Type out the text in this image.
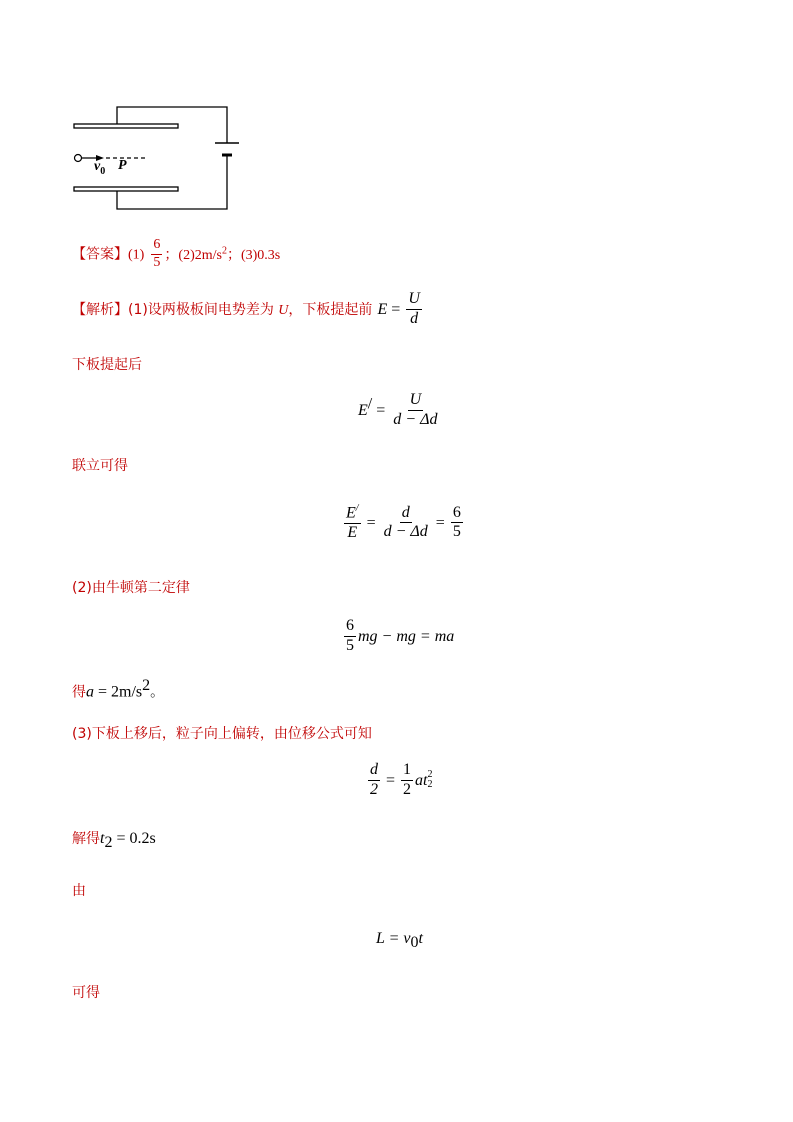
$v_0$ P
【答案】$(1) \frac{6}{5}$ ；$(2)2m/s^2$；(3)0.3s
【解析】(1)设两极板间电势差为 U，下板提起前 $E = \frac{U}{d}$
下板提起后
$E^/ = \frac{U}{d - \Delta d}$
联立可得
$\frac{E^/}{E} = \frac{d}{d - \Delta d} = \frac{6}{5}$
(2)由牛顿第二定律
$\frac{6}{5}$ mg − mg = ma
得$a = 2m/s^2$。
(3)下板上移后，粒子向上偏转，由位移公式可知
$\frac{d}{2} = \frac{1}{2}$ at 2
2
解得$t_2 = 0.2s$
由
$L = v_0t$
可得
